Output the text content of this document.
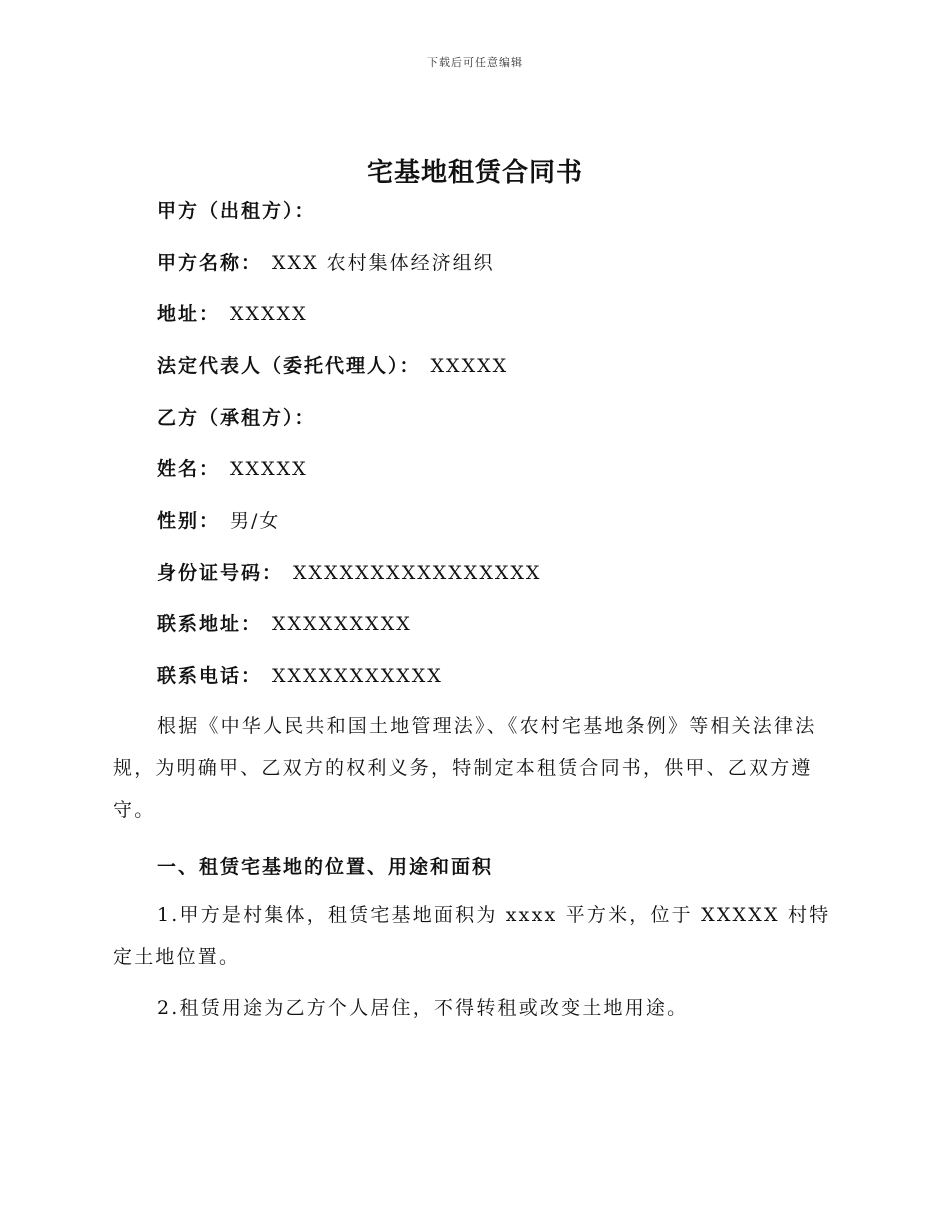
下载后可任意编辑
宅基地租赁合同书
甲方（出租方）：
甲方名称： XXX 农村集体经济组织
地址： XXXXX
法定代表人（委托代理人）： XXXXX
乙方（承租方）：
姓名： XXXXX
性别： 男/女
身份证号码： XXXXXXXXXXXXXXXX
联系地址： XXXXXXXXX
联系电话： XXXXXXXXXXX
根据《中华人民共和国土地管理法》、《农村宅基地条例》等相关法律法规，为明确甲、乙双方的权利义务，特制定本租赁合同书，供甲、乙双方遵守。
一、租赁宅基地的位置、用途和面积
1.甲方是村集体，租赁宅基地面积为 xxxx 平方米，位于 XXXXX 村特定土地位置。
2.租赁用途为乙方个人居住，不得转租或改变土地用途。
